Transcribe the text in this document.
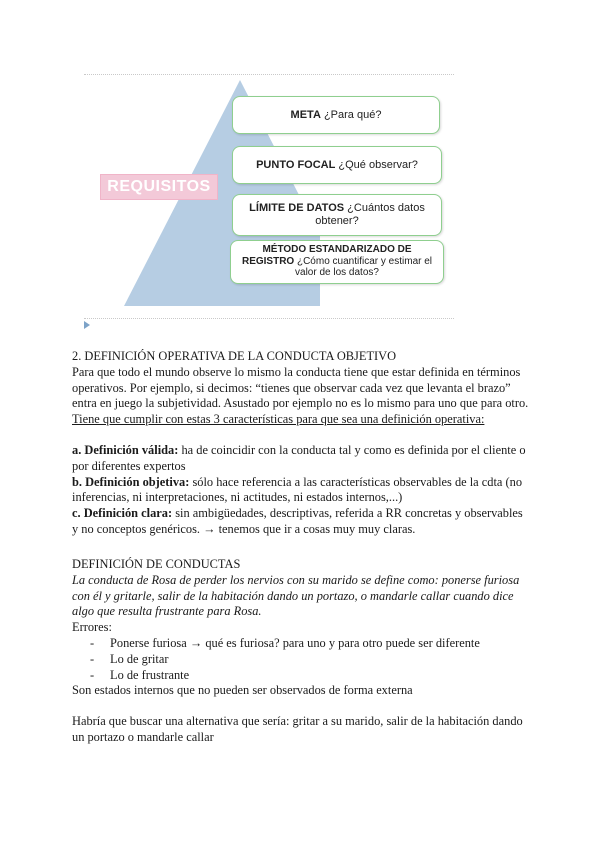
META ¿Para qué?
PUNTO FOCAL ¿Qué observar?
LÍMITE DE DATOS ¿Cuántos datos obtener?
MÉTODO ESTANDARIZADO DE REGISTRO ¿Cómo cuantificar y estimar el valor de los datos?
REQUISITOS

2. DEFINICIÓN OPERATIVA DE LA CONDUCTA OBJETIVO

Para que todo el mundo observe lo mismo la conducta tiene que estar definida en términos operativos. Por ejemplo, si decimos: “tienes que observar cada vez que levanta el brazo” entra en juego la subjetividad. Asustado por ejemplo no es lo mismo para uno que para otro.

Tiene que cumplir con estas 3 características para que sea una definición operativa:

a. Definición válida: ha de coincidir con la conducta tal y como es definida por el cliente o por diferentes expertos

b. Definición objetiva: sólo hace referencia a las características observables de la cdta (no inferencias, ni interpretaciones, ni actitudes, ni estados internos,...)

c. Definición clara: sin ambigüedades, descriptivas, referida a RR concretas y observables y no conceptos genéricos. → tenemos que ir a cosas muy muy claras.

DEFINICIÓN DE CONDUCTAS

La conducta de Rosa de perder los nervios con su marido se define como: ponerse furiosa con él y gritarle, salir de la habitación dando un portazo, o mandarle callar cuando dice algo que resulta frustrante para Rosa.

Errores:

- Ponerse furiosa → qué es furiosa? para uno y para otro puede ser diferente
- Lo de gritar
- Lo de frustrante

Son estados internos que no pueden ser observados de forma externa

Habría que buscar una alternativa que sería: gritar a su marido, salir de la habitación dando un portazo o mandarle callar
